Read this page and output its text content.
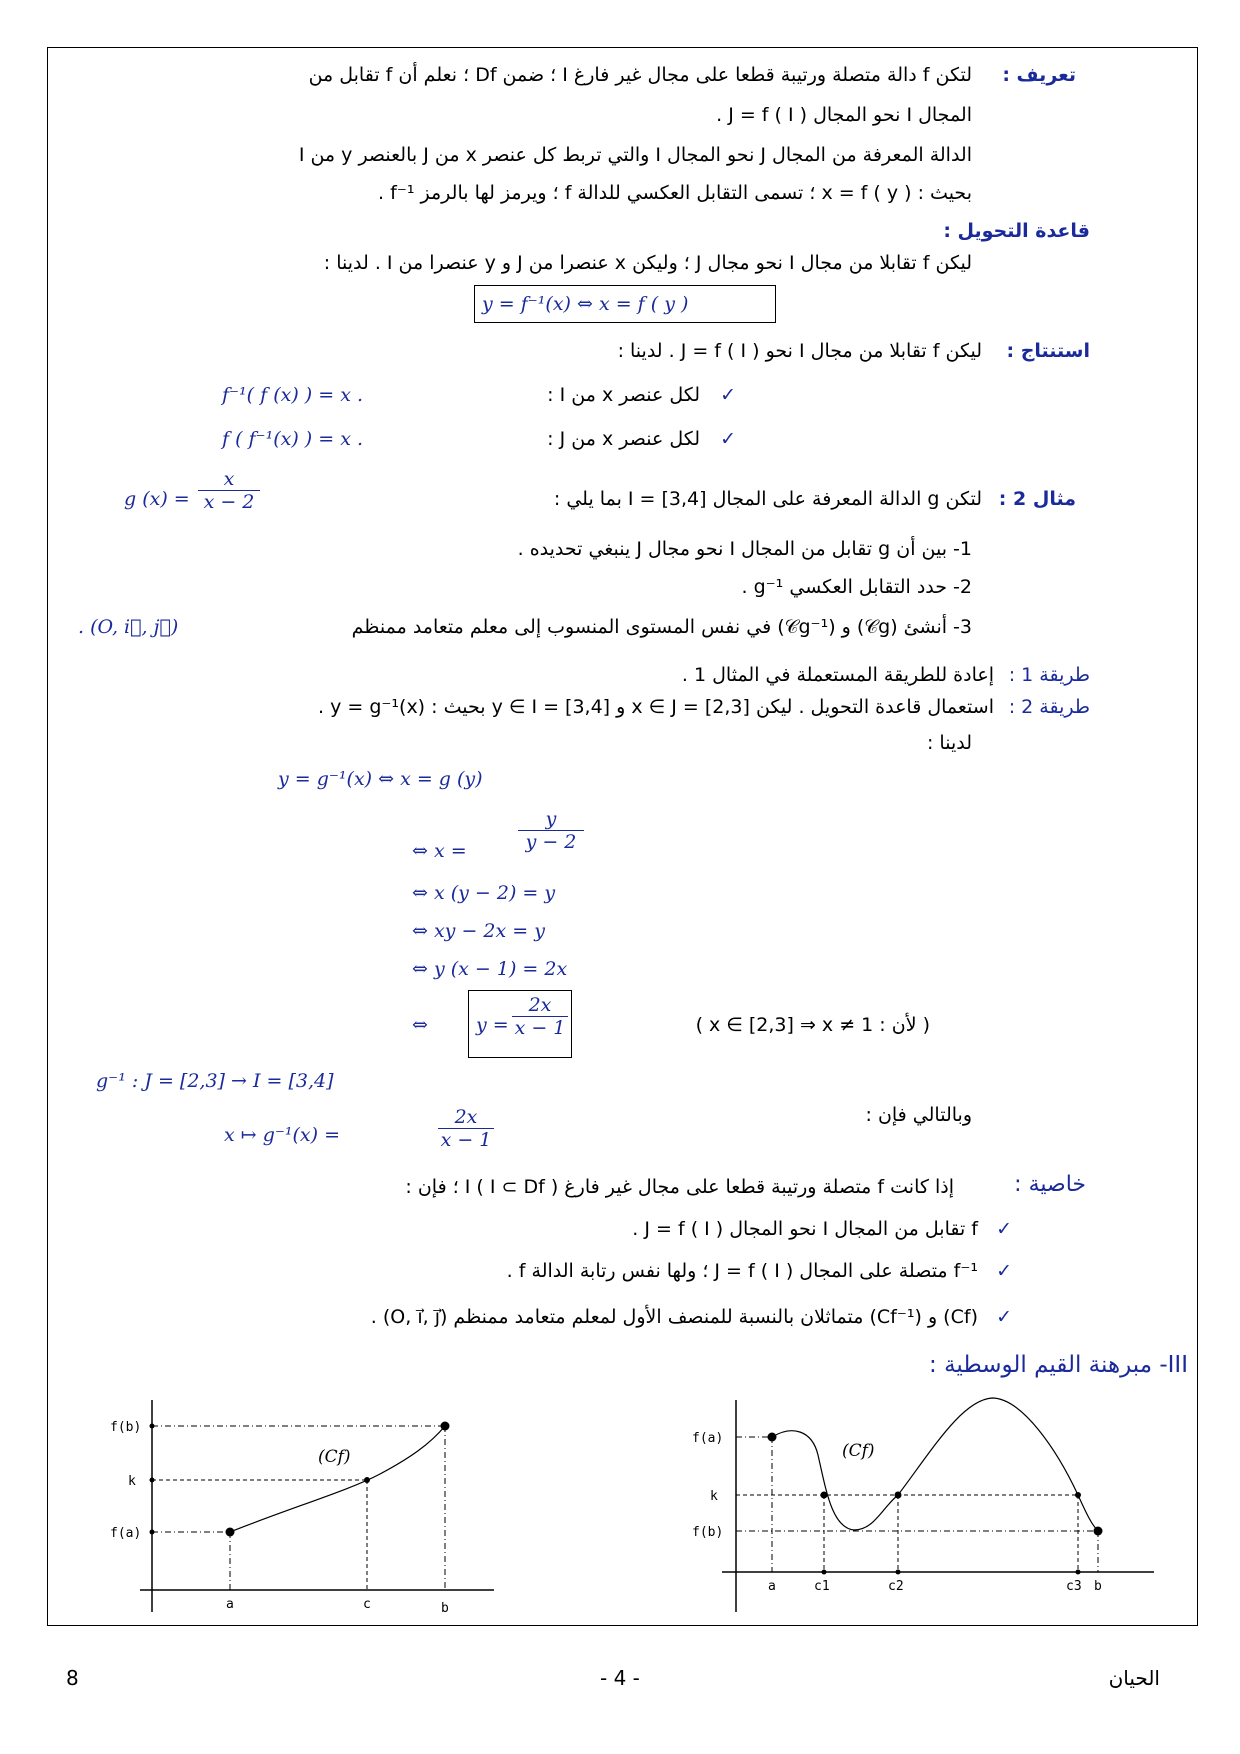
لتكن f دالة متصلة ورتيبة قطعا على مجال غير فارغ I ؛ ضمن Df ؛ نعلم أن f تقابل من تعريف :
المجال I نحو المجال J = f ( I ) .
الدالة المعرفة من المجال J نحو المجال I والتي تربط كل عنصر x من J بالعنصر y من I
بحيث : x = f ( y ) ؛ تسمى التقابل العكسي للدالة f ؛ ويرمز لها بالرمز f⁻¹ .
قاعدة التحويل :
ليكن f تقابلا من مجال I نحو مجال J ؛ وليكن x عنصرا من J و y عنصرا من I . لدينا :
y = f⁻¹(x) ⇔ x = f ( y )
استنتاج :
ليكن f تقابلا من مجال I نحو J = f ( I ) . لدينا :
✓
لكل عنصر x من I :
f⁻¹( f (x) ) = x .
✓
لكل عنصر x من J :
f ( f⁻¹(x) ) = x .
مثال 2 :
لتكن g الدالة المعرفة على المجال I = [3,4] بما يلي :
g $(x) = \frac{x}{x - 2}$
1- بين أن g تقابل من المجال I نحو مجال J ينبغي تحديده .
2- حدد التقابل العكسي g⁻¹ .
3- أنشئ (𝒞g) و (𝒞g⁻¹) في نفس المستوى المنسوب إلى معلم متعامد ممنظم
. (O, i⃗, j⃗)
طريقة 1 :
إعادة للطريقة المستعملة في المثال 1 .
طريقة 2 :
استعمال قاعدة التحويل . ليكن x ∈ J = [2,3] و y ∈ I = [3,4] بحيث : y = g⁻¹(x) .
لدينا :
y = g⁻¹(x) ⇔ x = g (y)
⇔ x =	$\frac{y}{y - 2}$
⇔ x (y − 2) = y
⇔ xy − 2x = y
⇔ y (x − 1) = 2x
⇔	$y = \frac{2x}{x - 1}$	( لأن : x ∈ [2,3] ⇒ x ≠ 1 )
g⁻¹ : J = [2,3] → I = [3,4]
وبالتالي فإن :
x ↦ g⁻¹(x) =	$\frac{2x}{x - 1}$
خاصية :
إذا كانت f متصلة ورتيبة قطعا على مجال غير فارغ I ( I ⊂ Df ) ؛ فإن :
✓
f تقابل من المجال I نحو المجال J = f ( I ) .
✓
f⁻¹ متصلة على المجال J = f ( I ) ؛ ولها نفس رتابة الدالة f .
✓
(Cf) و (Cf⁻¹) متماثلان بالنسبة للمنصف الأول لمعلم متعامد ممنظم (O, i⃗, j⃗) .
III- مبرهنة القيم الوسطية :
f(b)
k
f(a)
a	c	b
(Cf)
f(a)
k
f(b)
a	c1	c2	c3 b
(Cf)
الحيان
- 4 -
8
